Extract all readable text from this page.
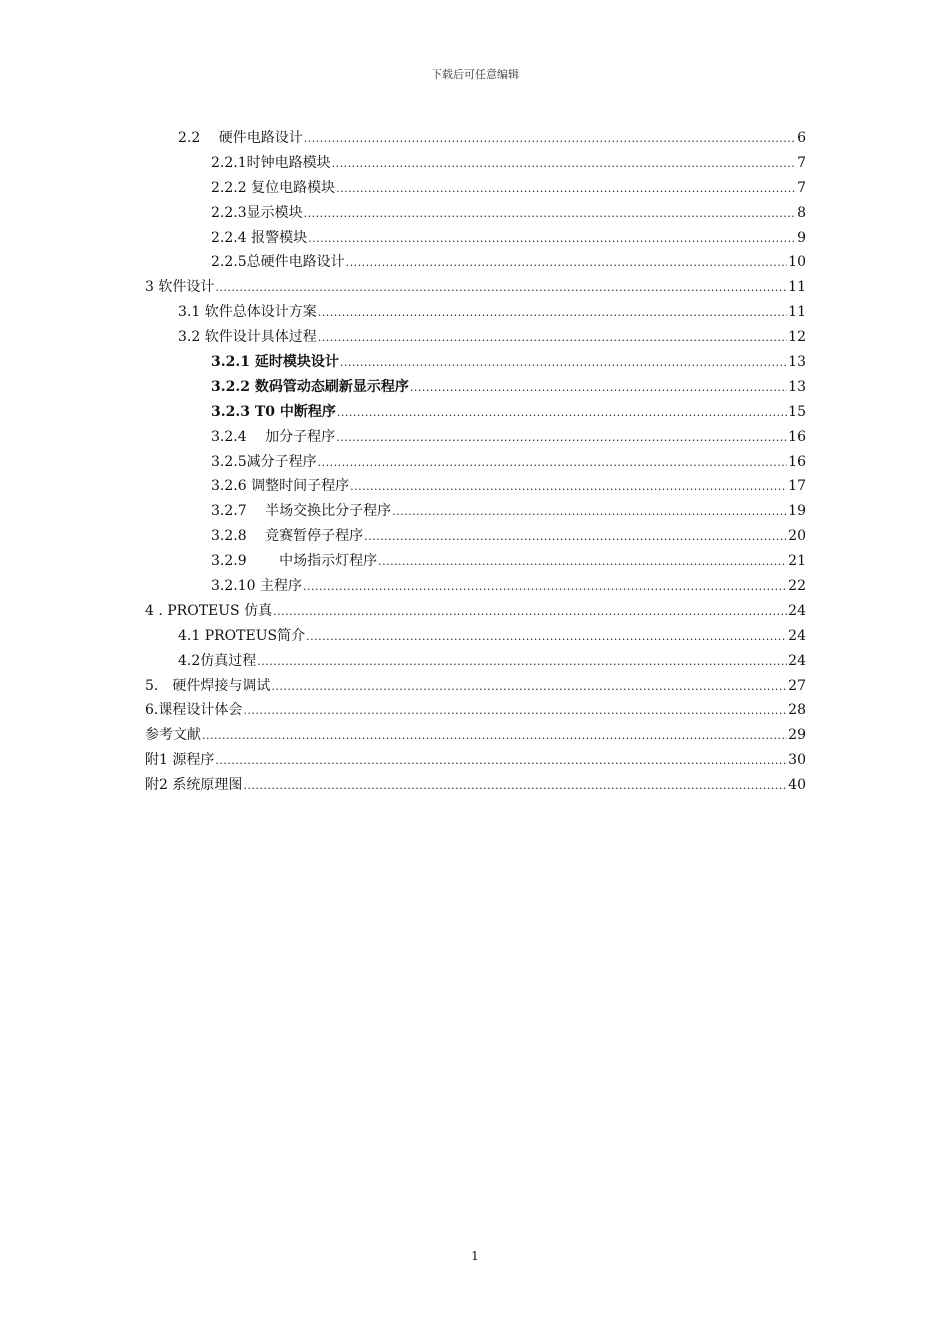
下载后可任意编辑
2.2　 硬件电路设计 .....	6
2.2.1时钟电路模块 .....	7
2.2.2 复位电路模块 .....	7
2.2.3显示模块 .....	8
2.2.4 报警模块 .....	9
2.2.5总硬件电路设计 .....	10
3 软件设计 .....	11
3.1 软件总体设计方案 .....	11
3.2 软件设计具体过程 .....	12
3.2.1 延时模块设计 .....	13
3.2.2 数码管动态刷新显示程序 .....	13
3.2.3 T0 中断程序 .....	15
3.2.4　 加分子程序 .....	16
3.2.5减分子程序 .....	16
3.2.6 调整时间子程序 .....	17
3.2.7　 半场交换比分子程序 .....	19
3.2.8　 竞赛暂停子程序 .....	20
3.2.9　　 中场指示灯程序 .....	21
3.2.10 主程序 .....	22
4 . PROTEUS 仿真 .....	24
4.1 PROTEUS简介 .....	24
4.2仿真过程 .....	24
5.　硬件焊接与调试 .....	27
6.课程设计体会 .....	28
参考文献 .....	29
附1 源程序 .....	30
附2 系统原理图 .....	40
1
